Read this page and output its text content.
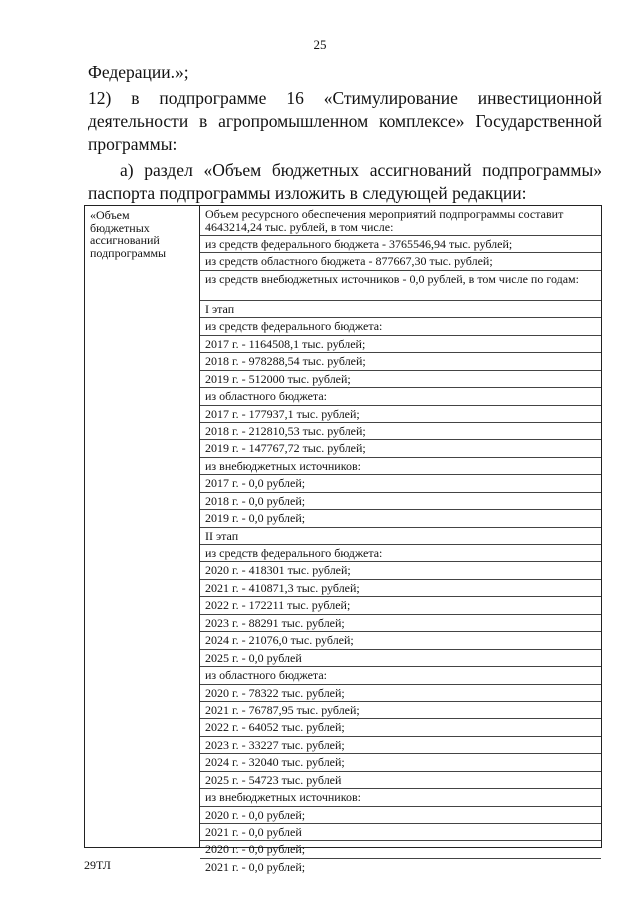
25
Федерации.»;
12) в подпрограмме 16 «Стимулирование инвестиционной
деятельности в агропромышленном комплексе» Государственной
программы:
а) раздел «Объем бюджетных ассигнований подпрограммы»
паспорта подпрограммы изложить в следующей редакции:
«Объем
бюджетных
ассигнований
подпрограммы
Объем ресурсного обеспечения мероприятий подпрограммы составит 4643214,24 тыс. рублей, в том числе:
из средств федерального бюджета - 3765546,94 тыс. рублей;
из средств областного бюджета - 877667,30 тыс. рублей;
из средств внебюджетных источников - 0,0 рублей, в том числе по годам:
I этап
из средств федерального бюджета:
2017 г. - 1164508,1 тыс. рублей;
2018 г. - 978288,54 тыс. рублей;
2019 г. - 512000 тыс. рублей;
из областного бюджета:
2017 г. - 177937,1 тыс. рублей;
2018 г. - 212810,53 тыс. рублей;
2019 г. - 147767,72 тыс. рублей;
из внебюджетных источников:
2017 г. - 0,0 рублей;
2018 г. - 0,0 рублей;
2019 г. - 0,0 рублей;
II этап
из средств федерального бюджета:
2020 г. - 418301 тыс. рублей;
2021 г. - 410871,3 тыс. рублей;
2022 г. - 172211 тыс. рублей;
2023 г. - 88291 тыс. рублей;
2024 г. - 21076,0 тыс. рублей;
2025 г. - 0,0 рублей
из областного бюджета:
2020 г. - 78322 тыс. рублей;
2021 г. - 76787,95 тыс. рублей;
2022 г. - 64052 тыс. рублей;
2023 г. - 33227 тыс. рублей;
2024 г. - 32040 тыс. рублей;
2025 г. - 54723 тыс. рублей
из внебюджетных источников:
2020 г. - 0,0 рублей;
2021 г. - 0,0 рублей
2020 г. - 0,0 рублей;
2021 г. - 0,0 рублей;
29ТЛ
